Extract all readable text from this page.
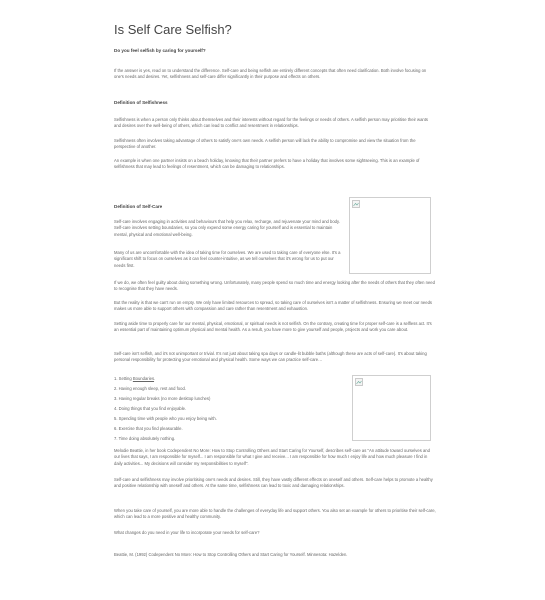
Is Self Care Selfish?

Do you feel selfish by caring for yourself?

If the answer is yes, read on to understand the difference. Self-care and being selfish are entirely different concepts that often need clarification. Both involve focusing on one's needs and desires. Yet, selfishness and self-care differ significantly in their purpose and effects on others.

Definition of Selfishness

Selfishness is when a person only thinks about themselves and their interests without regard for the feelings or needs of others. A selfish person may prioritise their wants and desires over the well-being of others, which can lead to conflict and resentment in relationships.

Selfishness often involves taking advantage of others to satisfy one's own needs. A selfish person will lack the ability to compromise and view the situation from the perspective of another.

An example is when one partner insists on a beach holiday, knowing that their partner prefers to have a holiday that involves some sightseeing. This is an example of selfishness that may lead to feelings of resentment, which can be damaging to relationships.

Definition of Self-Care

Self-care involves engaging in activities and behaviours that help you relax, recharge, and rejuvenate your mind and body. Self-care involves setting boundaries, so you only expend some energy caring for yourself and is essential to maintain mental, physical and emotional well-being.

Many of us are uncomfortable with the idea of taking time for ourselves. We are used to taking care of everyone else. It's a significant shift to focus on ourselves as it can feel counter-intuitive, as we tell ourselves that it's wrong for us to put our needs first.

If we do, we often feel guilty about doing something wrong. Unfortunately, many people spend so much time and energy looking after the needs of others that they often need to recognise that they have needs.

But the reality is that we can't run on empty. We only have limited resources to spread, so taking care of ourselves isn't a matter of selfishness. Ensuring we meet our needs makes us more able to support others with compassion and care rather than resentment and exhaustion.

Setting aside time to properly care for our mental, physical, emotional, or spiritual needs is not selfish. On the contrary, creating time for proper self-care is a selfless act. It's an essential part of maintaining optimum physical and mental health. As a result, you have more to give yourself and people, projects and work you care about.

Self-care isn't selfish, and it's not unimportant or trivial. It's not just about taking spa days or candle-lit bubble baths (although these are acts of self-care). It's about taking personal responsibility for protecting your emotional and physical health. Some ways we can practice self-care…

1. Setting Boundaries.
2. Having enough sleep, rest and food.
3. Having regular breaks (no more desktop lunches)
4. Doing things that you find enjoyable.
5. Spending time with people who you enjoy being with.
6. Exercise that you find pleasurable.
7. Time doing absolutely nothing.

Melodie Beattie, in her book Codependent No More: How to Stop Controlling Others and Start Caring for Yourself, describes self-care as "An attitude toward ourselves and our lives that says, I am responsible for myself... I am responsible for what I give and receive... I am responsible for how much I enjoy life and how much pleasure I find in daily activities... My decisions will consider my responsibilities to myself".

Self-care and selfishness may involve prioritising one's needs and desires. Still, they have vastly different effects on oneself and others. Self-care helps to promote a healthy and positive relationship with oneself and others. At the same time, selfishness can lead to toxic and damaging relationships.

When you take care of yourself, you are more able to handle the challenges of everyday life and support others. You also set an example for others to prioritise their self-care, which can lead to a more positive and healthy community.

What changes do you need in your life to incorporate your needs for self-care?

Beattie, M. (1992) Codependent No More: How to Stop Controlling Others and Start Caring for Yourself. Minnesota: Hazelden.
